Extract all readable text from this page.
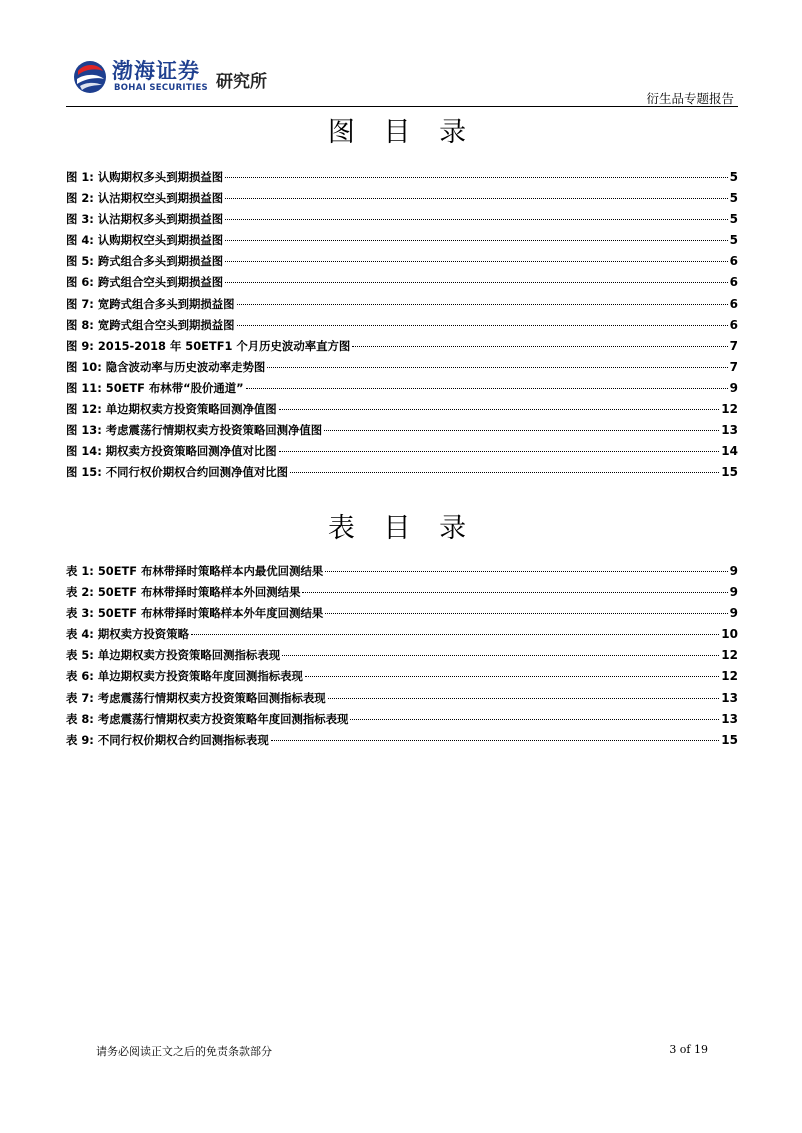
渤海证券
BOHAI SECURITIES 研究所
衍生品专题报告
图 目 录
图 1: 认购期权多头到期损益图	5
图 2: 认沽期权空头到期损益图	5
图 3: 认沽期权多头到期损益图	5
图 4: 认购期权空头到期损益图	5
图 5: 跨式组合多头到期损益图	6
图 6: 跨式组合空头到期损益图	6
图 7: 宽跨式组合多头到期损益图	6
图 8: 宽跨式组合空头到期损益图	6
图 9: 2015-2018 年 50ETF1 个月历史波动率直方图	7
图 10: 隐含波动率与历史波动率走势图	7
图 11: 50ETF 布林带“股价通道”	9
图 12: 单边期权卖方投资策略回测净值图	12
图 13: 考虑震荡行情期权卖方投资策略回测净值图	13
图 14: 期权卖方投资策略回测净值对比图	14
图 15: 不同行权价期权合约回测净值对比图	15
表 目 录
表 1: 50ETF 布林带择时策略样本内最优回测结果	9
表 2: 50ETF 布林带择时策略样本外回测结果	9
表 3: 50ETF 布林带择时策略样本外年度回测结果	9
表 4: 期权卖方投资策略	10
表 5: 单边期权卖方投资策略回测指标表现	12
表 6: 单边期权卖方投资策略年度回测指标表现	12
表 7: 考虑震荡行情期权卖方投资策略回测指标表现	13
表 8: 考虑震荡行情期权卖方投资策略年度回测指标表现	13
表 9: 不同行权价期权合约回测指标表现	15
请务必阅读正文之后的免责条款部分	3 of 19
